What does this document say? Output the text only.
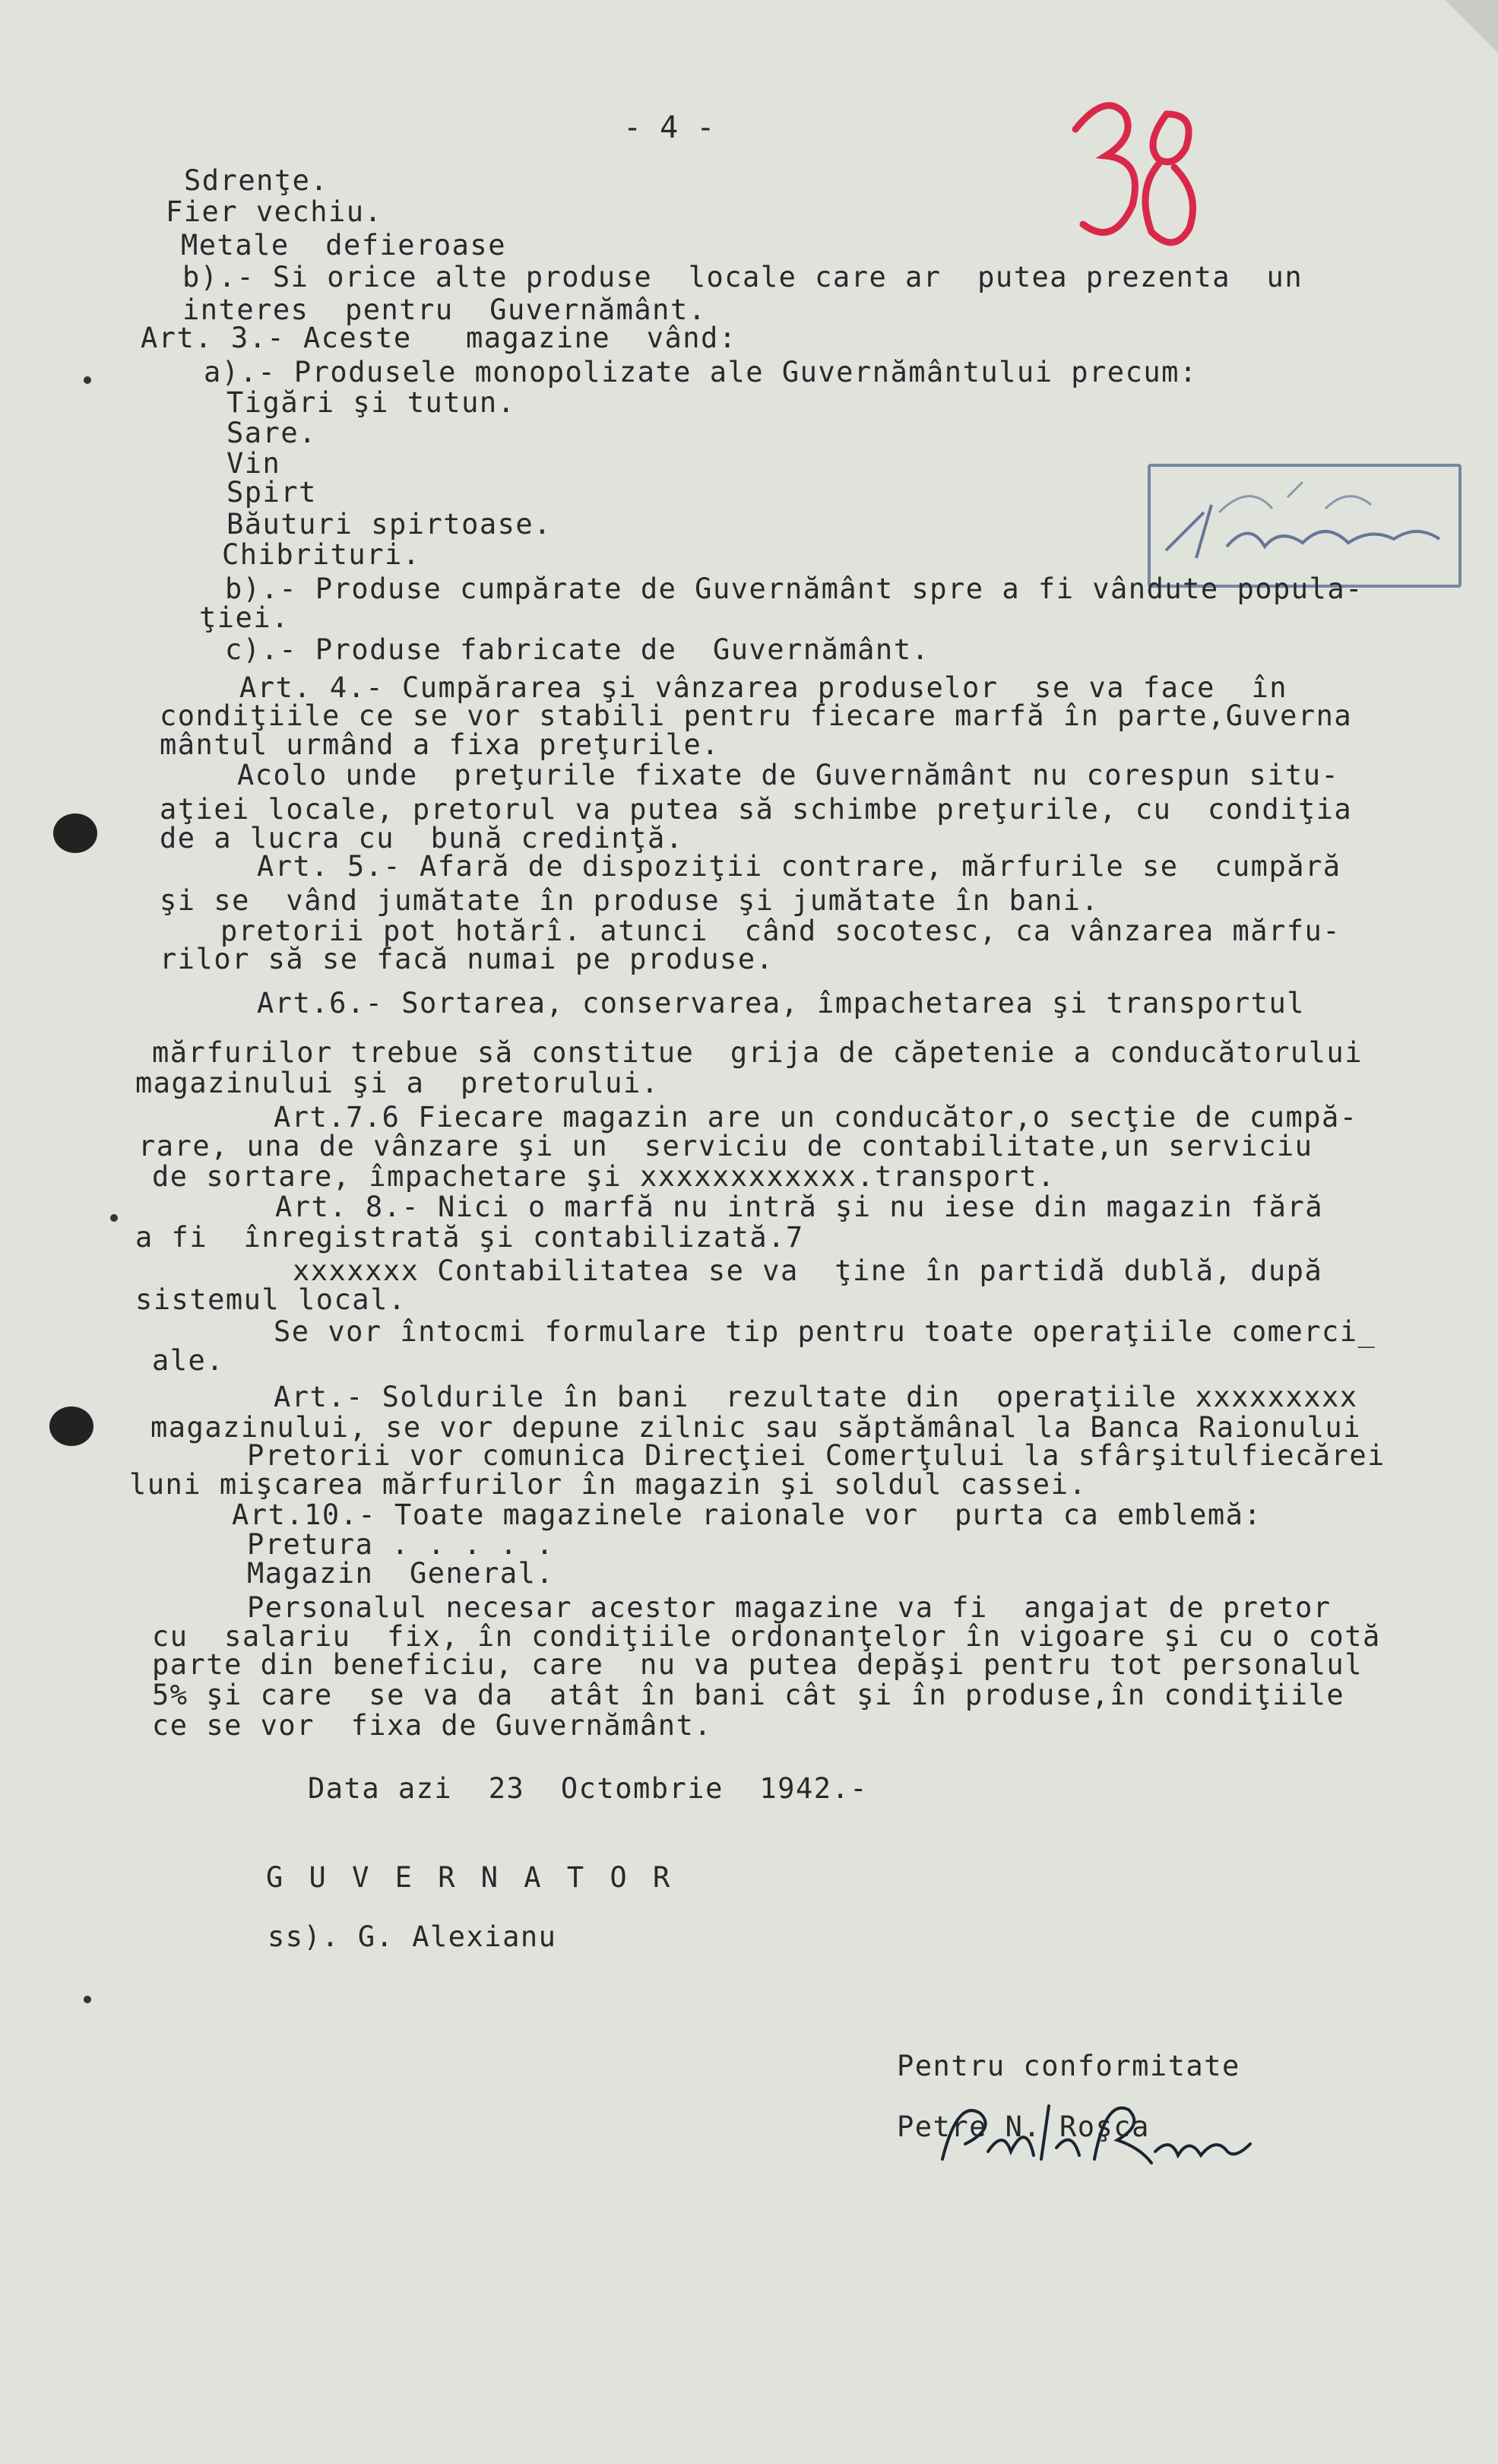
- 4 -
Sdrenţe.
Fier vechiu.
Metale  defieroase
b).- Si orice alte produse  locale care ar  putea prezenta  un
interes  pentru  Guvernământ.
Art. 3.- Aceste   magazine  vând:
a).- Produsele monopolizate ale Guvernământului precum:
Tigări şi tutun.
Sare.
Vin
Spirt
Băuturi spirtoase.
Chibrituri.
b).- Produse cumpărate de Guvernământ spre a fi vândute popula-
ţiei.
c).- Produse fabricate de  Guvernământ.
Art. 4.- Cumpărarea şi vânzarea produselor  se va face  în
condiţiile ce se vor stabili pentru fiecare marfă în parte,Guverna
mântul urmând a fixa preţurile.
Acolo unde  preţurile fixate de Guvernământ nu corespun situ-
aţiei locale, pretorul va putea să schimbe preţurile, cu  condiţia
de a lucra cu  bună credinţă.
Art. 5.- Afară de dispoziţii contrare, mărfurile se  cumpără
şi se  vând jumătate în produse şi jumătate în bani.
pretorii pot hotărî. atunci  când socotesc, ca vânzarea mărfu-
rilor să se facă numai pe produse.
Art.6.- Sortarea, conservarea, împachetarea şi transportul
mărfurilor trebue să constitue  grija de căpetenie a conducătorului
magazinului şi a  pretorului.
Art.7.6 Fiecare magazin are un conducător,o secţie de cumpă-
rare, una de vânzare şi un  serviciu de contabilitate,un serviciu
de sortare, împachetare şi xxxxxxxxxxxx.transport.
Art. 8.- Nici o marfă nu intră şi nu iese din magazin fără
a fi  înregistrată şi contabilizată.7
xxxxxxx Contabilitatea se va  ţine în partidă dublă, după
sistemul local.
Se vor întocmi formulare tip pentru toate operaţiile comerci_
ale.
Art.- Soldurile în bani  rezultate din  operaţiile xxxxxxxxx
magazinului, se vor depune zilnic sau săptămânal la Banca Raionului
Pretorii vor comunica Direcţiei Comerţului la sfârşitulfiecărei
luni mişcarea mărfurilor în magazin şi soldul cassei.
Art.10.- Toate magazinele raionale vor  purta ca emblemă:
Pretura . . . . .
Magazin  General.
Personalul necesar acestor magazine va fi  angajat de pretor
cu  salariu  fix, în condiţiile ordonanţelor în vigoare şi cu o cotă
parte din beneficiu, care  nu va putea depăşi pentru tot personalul
5% şi care  se va da  atât în bani cât şi în produse,în condiţiile
ce se vor  fixa de Guvernământ.
Data azi  23  Octombrie  1942.-
G U V E R N A T O R
ss). G. Alexianu
Pentru conformitate
Petre N. Roşca
